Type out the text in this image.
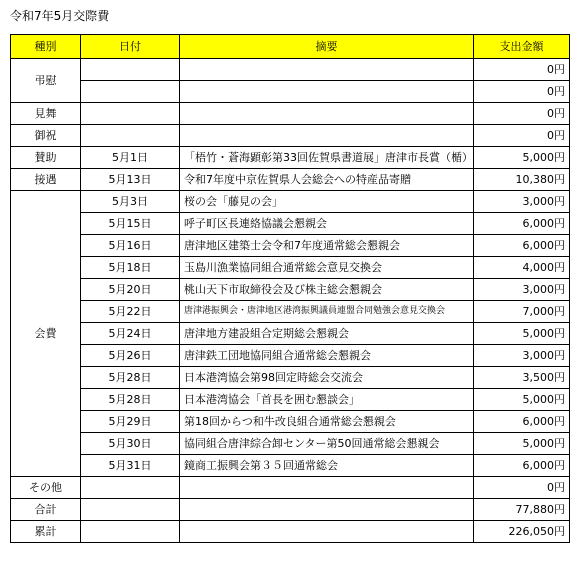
令和7年5月交際費
種別	日付	摘要	支出金額
弔慰			0円
			0円
見舞			0円
御祝			0円
賛助	5月1日	「梧竹・蒼海顕彰第33回佐賀県書道展」唐津市長賞（楯）	5,000円
接遇	5月13日	令和7年度中京佐賀県人会総会への特産品寄贈	10,380円
会費	5月3日	桜の会「藤見の会」	3,000円
	5月15日	呼子町区長連絡協議会懇親会	6,000円
	5月16日	唐津地区建築士会令和7年度通常総会懇親会	6,000円
	5月18日	玉島川漁業協同組合通常総会意見交換会	4,000円
	5月20日	桃山天下市取締役会及び株主総会懇親会	3,000円
	5月22日	唐津港振興会・唐津地区港湾振興議員連盟合同勉強会意見交換会	7,000円
	5月24日	唐津地方建設組合定期総会懇親会	5,000円
	5月26日	唐津鉄工団地協同組合通常総会懇親会	3,000円
	5月28日	日本港湾協会第98回定時総会交流会	3,500円
	5月28日	日本港湾協会「首長を囲む懇談会」	5,000円
	5月29日	第18回からつ和牛改良組合通常総会懇親会	6,000円
	5月30日	協同組合唐津綜合卸センター第50回通常総会懇親会	5,000円
	5月31日	鏡商工振興会第３５回通常総会	6,000円
その他			0円
合計			77,880円
累計			226,050円
